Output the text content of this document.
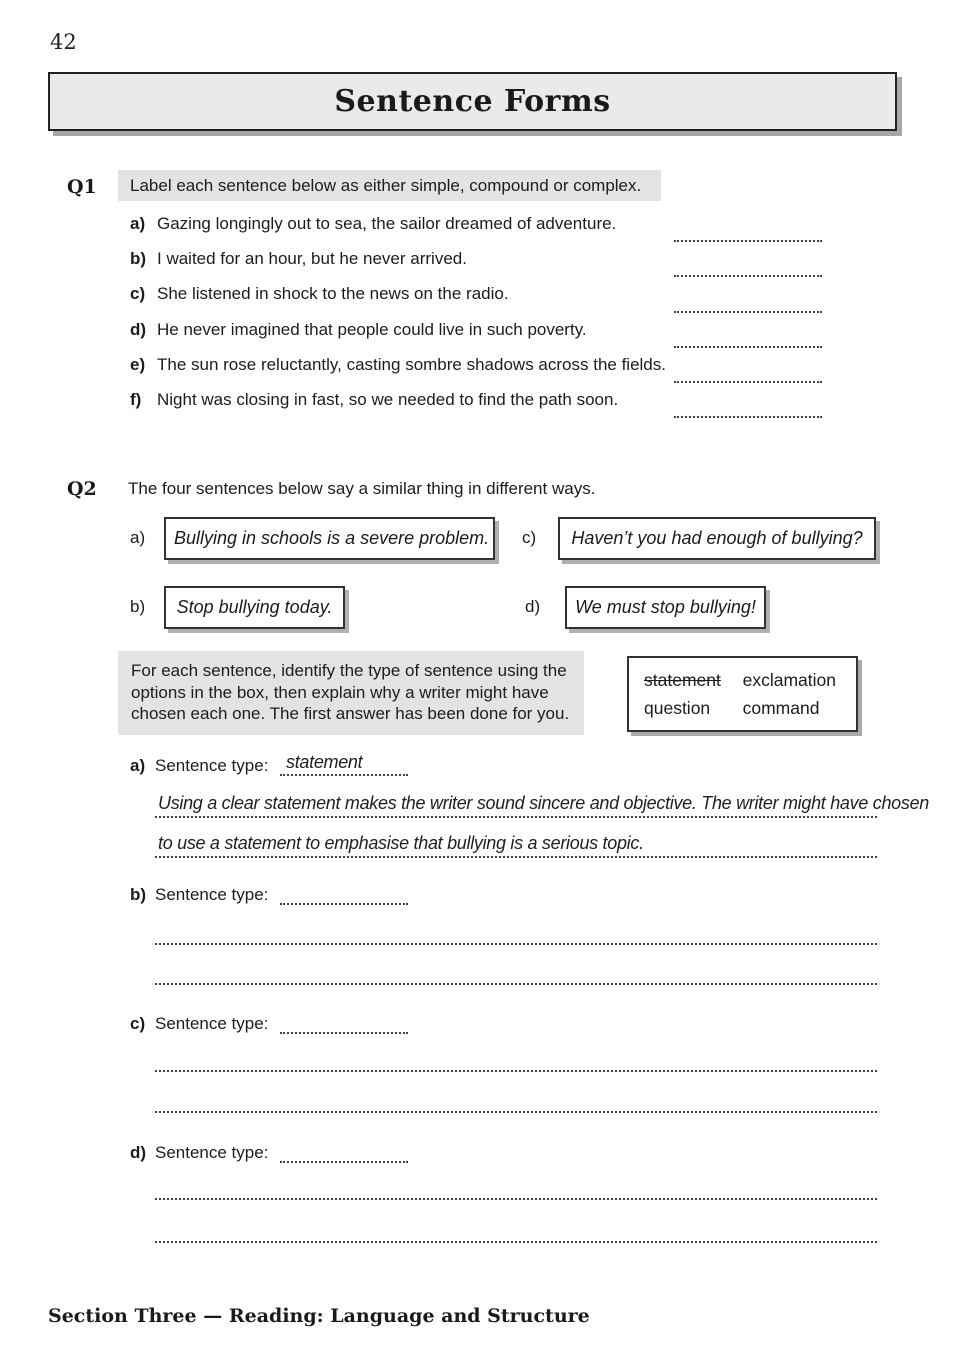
42
Sentence Forms
Q1	Label each sentence below as either simple, compound or complex.
a) Gazing longingly out to sea, the sailor dreamed of adventure.
b) I waited for an hour, but he never arrived.
c) She listened in shock to the news on the radio.
d) He never imagined that people could live in such poverty.
e) The sun rose reluctantly, casting sombre shadows across the fields.
f) Night was closing in fast, so we needed to find the path soon.
Q2 The four sentences below say a similar thing in different ways.
a)	Bullying in schools is a severe problem.	c)	Haven’t you had enough of bullying?
b)	Stop bullying today.	d)	We must stop bullying!
For each sentence, identify the type of sentence using the options in the box, then explain why a writer might have chosen each one. The first answer has been done for you.
statement	exclamation
question	command
a) Sentence type: statement
Using a clear statement makes the writer sound sincere and objective. The writer might have chosen
to use a statement to emphasise that bullying is a serious topic.
b) Sentence type:
c) Sentence type:
d) Sentence type:
Section Three — Reading: Language and Structure
